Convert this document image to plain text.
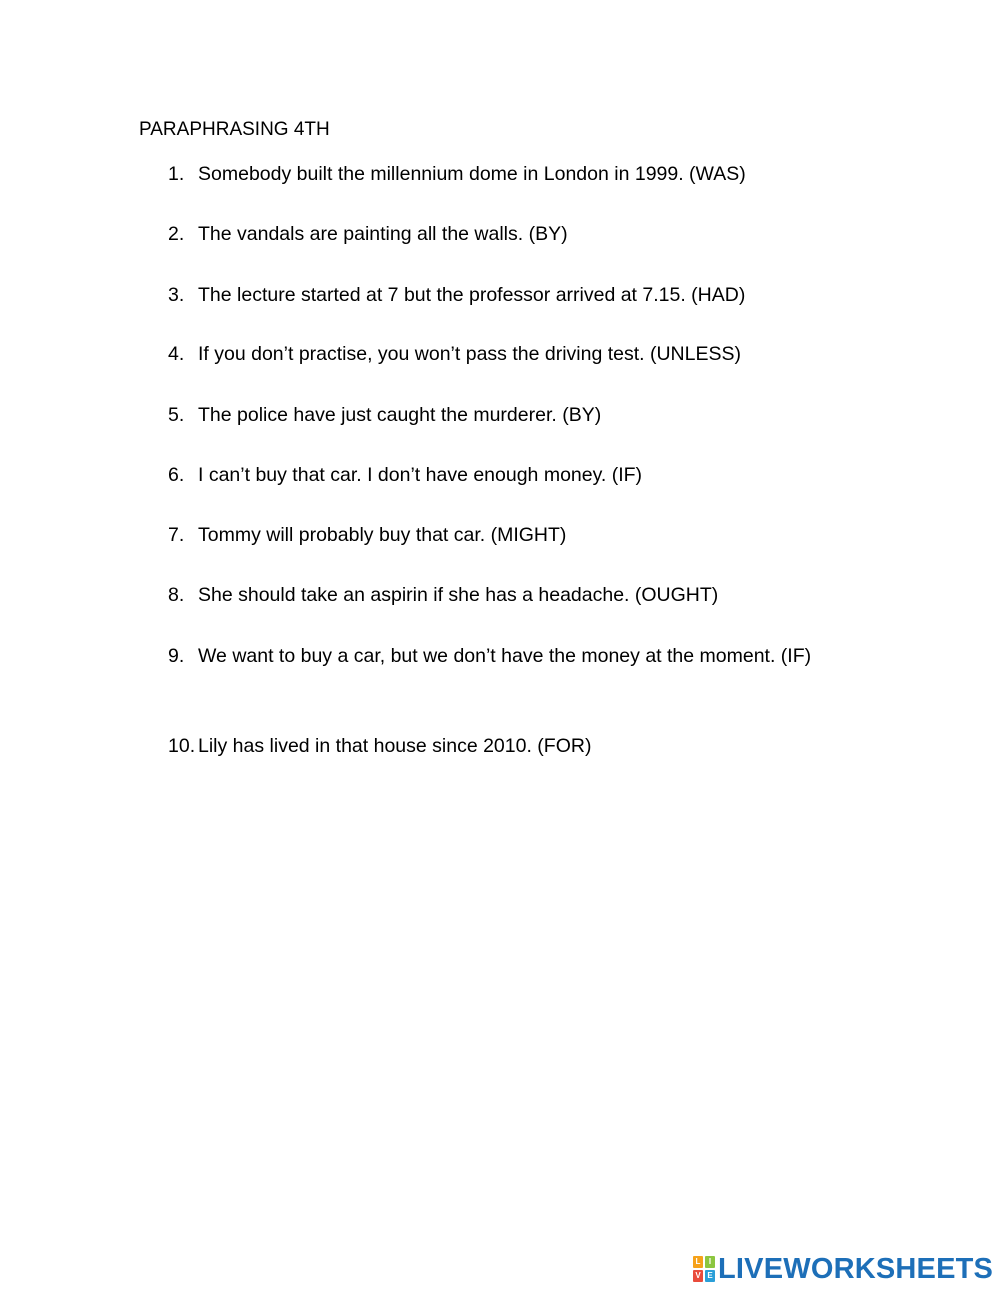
PARAPHRASING 4TH
1. Somebody built the millennium dome in London in 1999. (WAS)
2. The vandals are painting all the walls. (BY)
3. The lecture started at 7 but the professor arrived at 7.15. (HAD)
4. If you don’t practise, you won’t pass the driving test. (UNLESS)
5. The police have just caught the murderer. (BY)
6. I can’t buy that car. I don’t have enough money. (IF)
7. Tommy will probably buy that car. (MIGHT)
8. She should take an aspirin if she has a headache. (OUGHT)
9. We want to buy a car, but we don’t have the money at the moment. (IF)
10. Lily has lived in that house since 2010. (FOR)
L	I
V E LIVEWORKSHEETS
